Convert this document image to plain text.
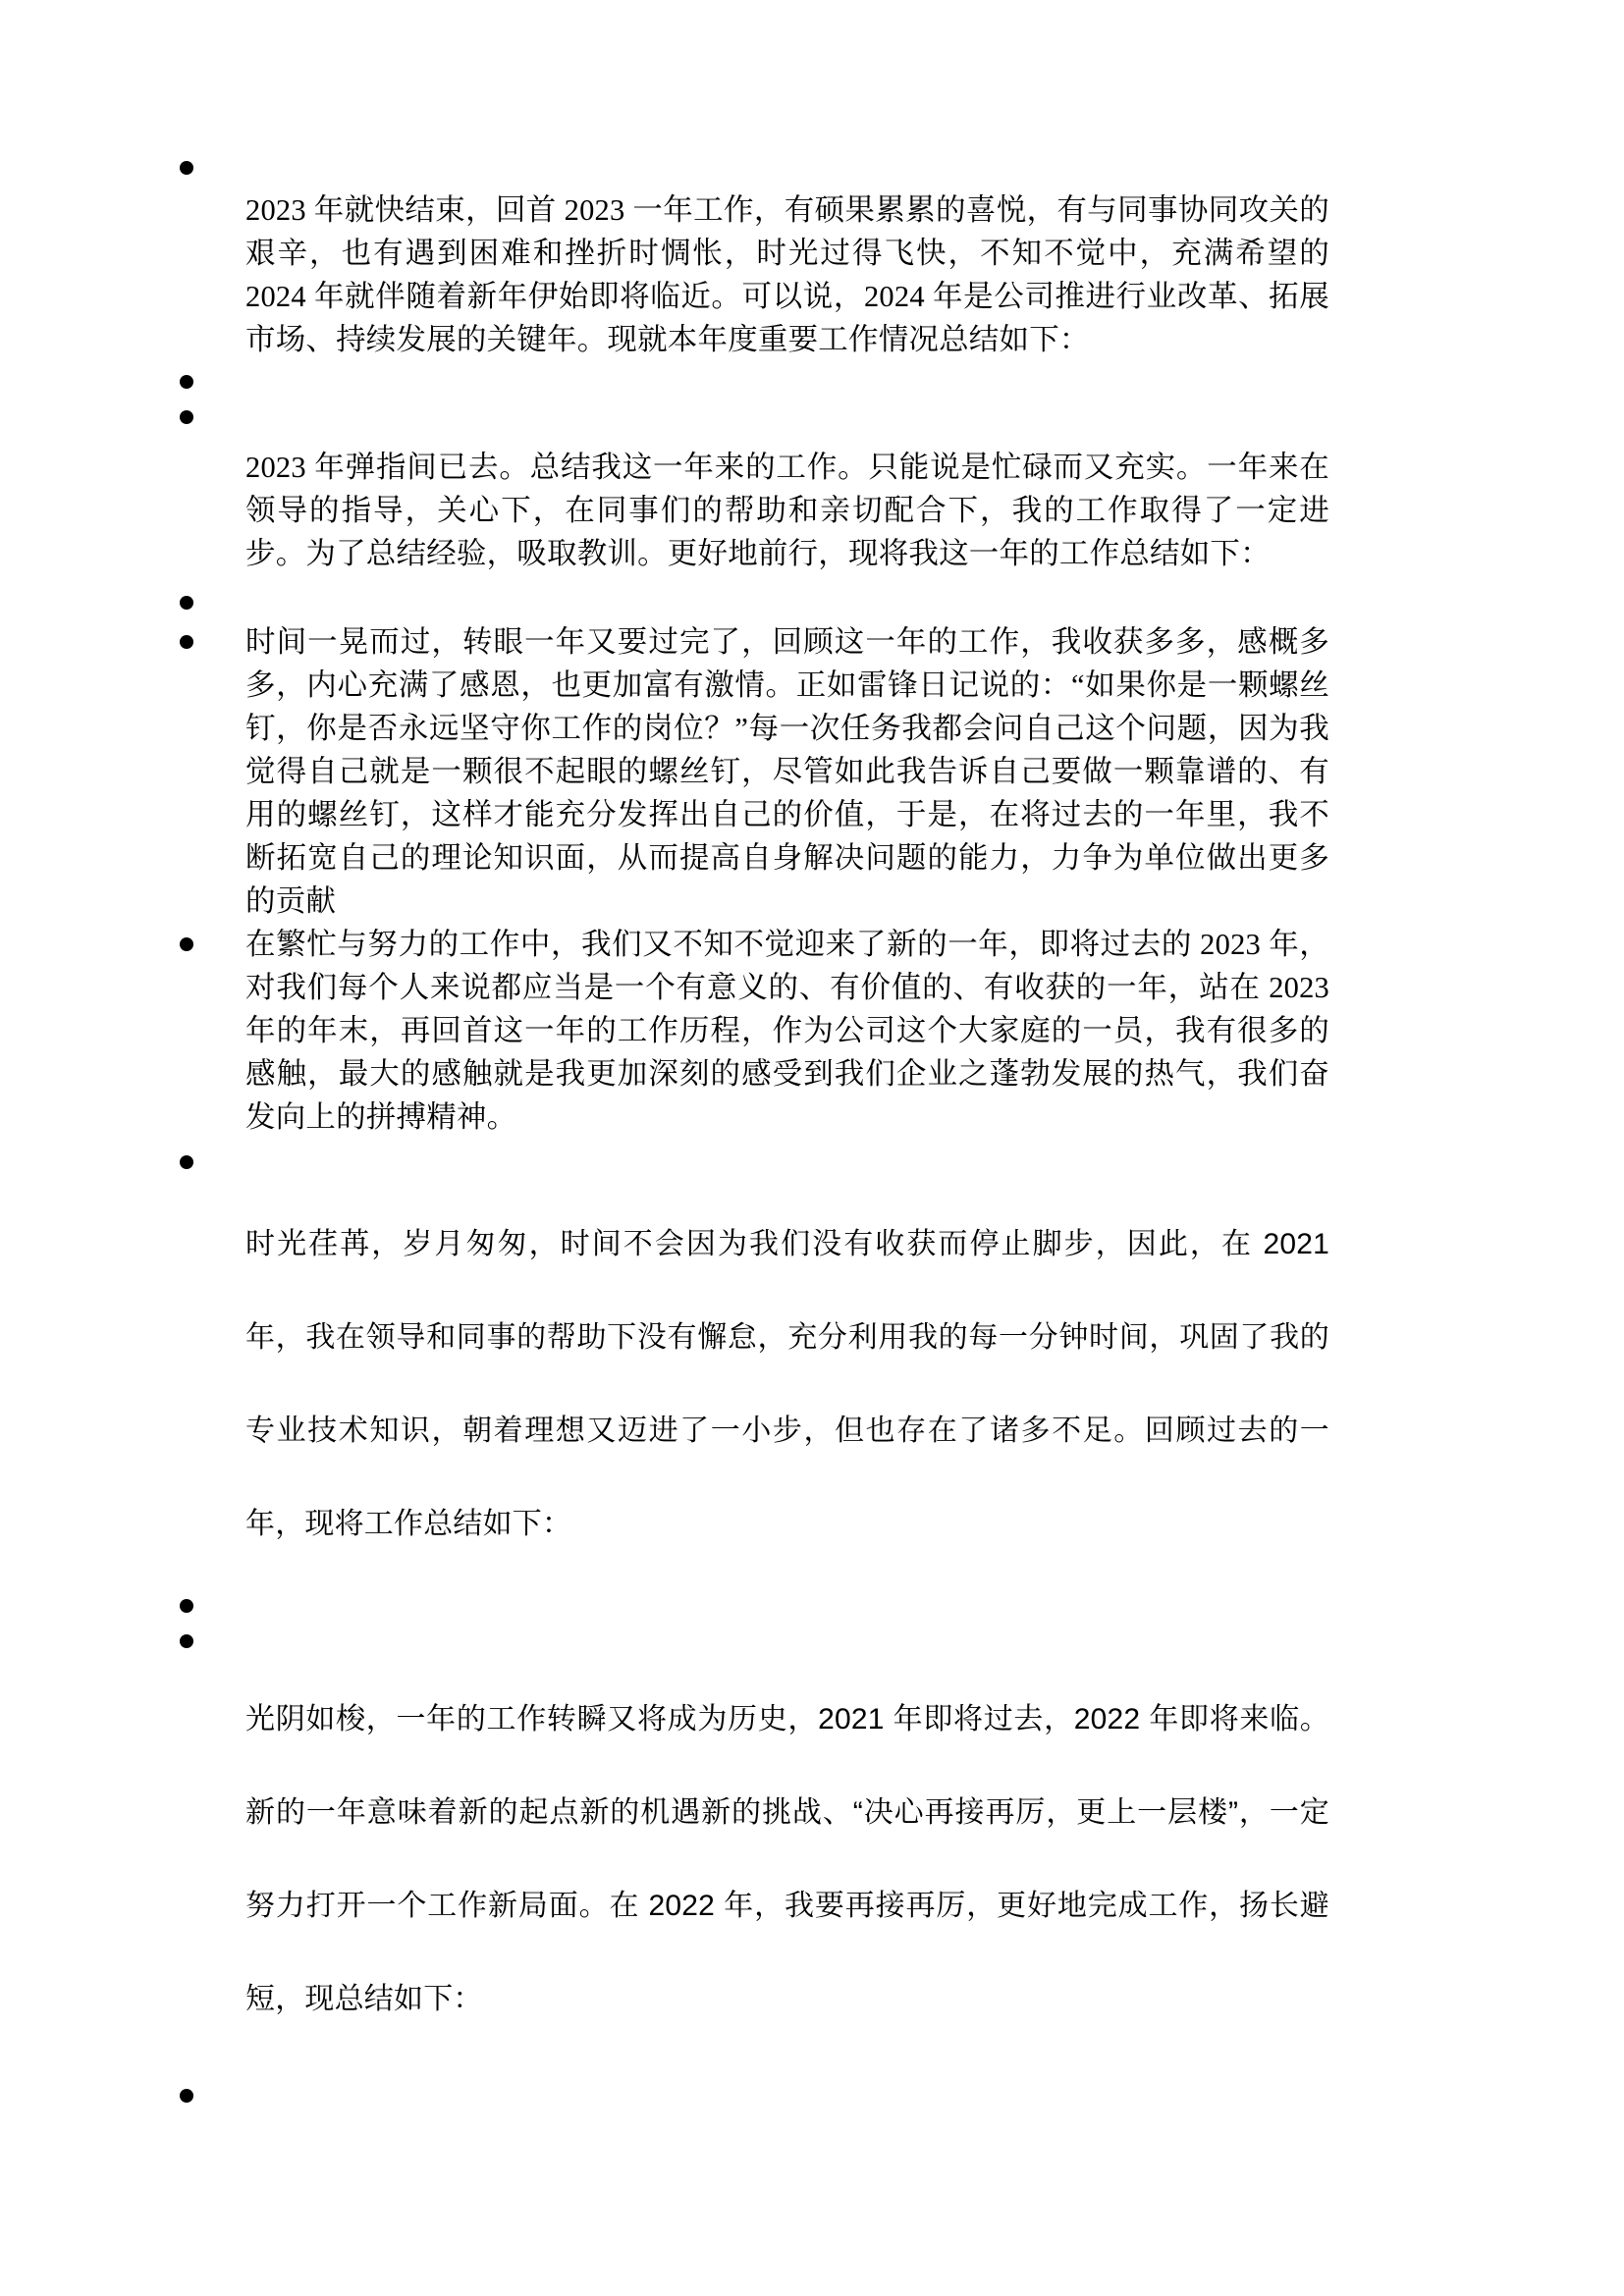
2023 年就快结束，回首 2023 一年工作，有硕果累累的喜悦，有与同事协同攻关的艰辛，也有遇到困难和挫折时惆怅，时光过得飞快，不知不觉中，充满希望的 2024 年就伴随着新年伊始即将临近。可以说，2024 年是公司推进行业改革、拓展市场、持续发展的关键年。现就本年度重要工作情况总结如下：

2023 年弹指间已去。总结我这一年来的工作。只能说是忙碌而又充实。一年来在领导的指导，关心下，在同事们的帮助和亲切配合下，我的工作取得了一定进步。为了总结经验，吸取教训。更好地前行，现将我这一年的工作总结如下：

时间一晃而过，转眼一年又要过完了，回顾这一年的工作，我收获多多，感概多多，内心充满了感恩，也更加富有激情。正如雷锋日记说的：“如果你是一颗螺丝钉，你是否永远坚守你工作的岗位？”每一次任务我都会问自己这个问题，因为我觉得自己就是一颗很不起眼的螺丝钉，尽管如此我告诉自己要做一颗靠谱的、有用的螺丝钉，这样才能充分发挥出自己的价值，于是，在将过去的一年里，我不断拓宽自己的理论知识面，从而提高自身解决问题的能力，力争为单位做出更多的贡献

在繁忙与努力的工作中，我们又不知不觉迎来了新的一年，即将过去的 2023 年，对我们每个人来说都应当是一个有意义的、有价值的、有收获的一年，站在 2023 年的年末，再回首这一年的工作历程，作为公司这个大家庭的一员，我有很多的感触，最大的感触就是我更加深刻的感受到我们企业之蓬勃发展的热气，我们奋发向上的拼搏精神。

时光荏苒，岁月匆匆，时间不会因为我们没有收获而停止脚步，因此，在 2021 年，我在领导和同事的帮助下没有懈怠，充分利用我的每一分钟时间，巩固了我的专业技术知识，朝着理想又迈进了一小步，但也存在了诸多不足。回顾过去的一年，现将工作总结如下：

光阴如梭，一年的工作转瞬又将成为历史，2021 年即将过去，2022 年即将来临。新的一年意味着新的起点新的机遇新的挑战、“决心再接再厉，更上一层楼”，一定努力打开一个工作新局面。在 2022 年，我要再接再厉，更好地完成工作，扬长避短，现总结如下：
